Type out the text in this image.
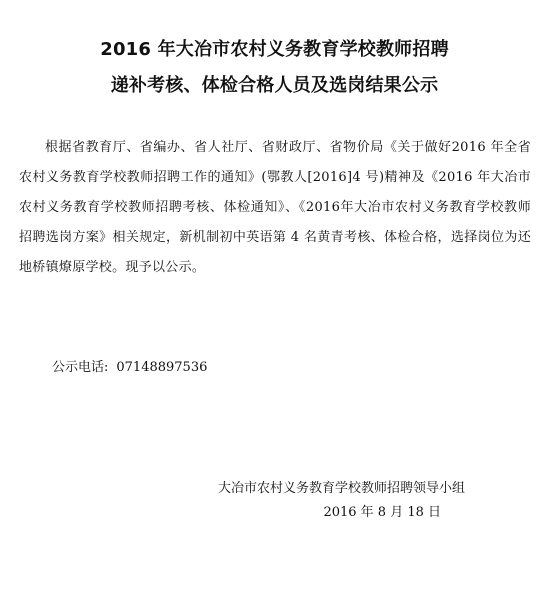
2016 年大冶市农村义务教育学校教师招聘
递补考核、体检合格人员及选岗结果公示
根据省教育厅、省编办、省人社厅、省财政厅、省物价局《关于做好2016 年全省农村义务教育学校教师招聘工作的通知》(鄂教人[2016]4 号)精神及《2016 年大冶市农村义务教育学校教师招聘考核、体检通知》、《2016年大冶市农村义务教育学校教师招聘选岗方案》相关规定，新机制初中英语第 4 名黄青考核、体检合格，选择岗位为还地桥镇燎原学校。现予以公示。
公示电话: 07148897536
大冶市农村义务教育学校教师招聘领导小组
2016 年 8 月 18 日
